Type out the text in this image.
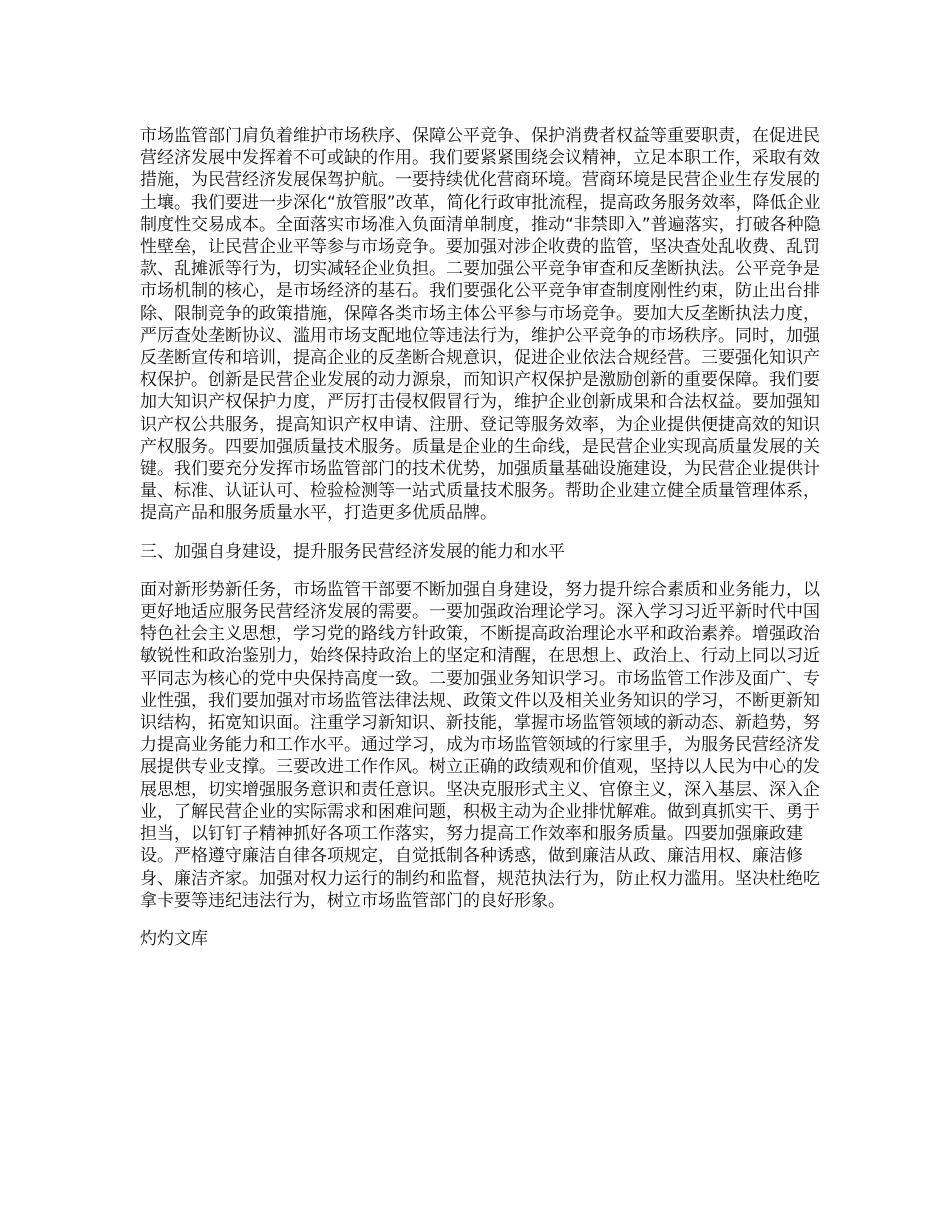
市场监管部门肩负着维护市场秩序、保障公平竞争、保护消费者权益等重要职责，在促进民营经济发展中发挥着不可或缺的作用。我们要紧紧围绕会议精神，立足本职工作，采取有效措施，为民营经济发展保驾护航。一要持续优化营商环境。营商环境是民营企业生存发展的土壤。我们要进一步深化“放管服”改革，简化行政审批流程，提高政务服务效率，降低企业制度性交易成本。全面落实市场准入负面清单制度，推动“非禁即入”普遍落实，打破各种隐性壁垒，让民营企业平等参与市场竞争。要加强对涉企收费的监管，坚决查处乱收费、乱罚款、乱摊派等行为，切实减轻企业负担。二要加强公平竞争审查和反垄断执法。公平竞争是市场机制的核心，是市场经济的基石。我们要强化公平竞争审查制度刚性约束，防止出台排除、限制竞争的政策措施，保障各类市场主体公平参与市场竞争。要加大反垄断执法力度，严厉查处垄断协议、滥用市场支配地位等违法行为，维护公平竞争的市场秩序。同时，加强反垄断宣传和培训，提高企业的反垄断合规意识，促进企业依法合规经营。三要强化知识产权保护。创新是民营企业发展的动力源泉，而知识产权保护是激励创新的重要保障。我们要加大知识产权保护力度，严厉打击侵权假冒行为，维护企业创新成果和合法权益。要加强知识产权公共服务，提高知识产权申请、注册、登记等服务效率，为企业提供便捷高效的知识产权服务。四要加强质量技术服务。质量是企业的生命线，是民营企业实现高质量发展的关键。我们要充分发挥市场监管部门的技术优势，加强质量基础设施建设，为民营企业提供计量、标准、认证认可、检验检测等一站式质量技术服务。帮助企业建立健全质量管理体系，提高产品和服务质量水平，打造更多优质品牌。

三、加强自身建设，提升服务民营经济发展的能力和水平

面对新形势新任务，市场监管干部要不断加强自身建设，努力提升综合素质和业务能力，以更好地适应服务民营经济发展的需要。一要加强政治理论学习。深入学习习近平新时代中国特色社会主义思想，学习党的路线方针政策，不断提高政治理论水平和政治素养。增强政治敏锐性和政治鉴别力，始终保持政治上的坚定和清醒，在思想上、政治上、行动上同以习近平同志为核心的党中央保持高度一致。二要加强业务知识学习。市场监管工作涉及面广、专业性强，我们要加强对市场监管法律法规、政策文件以及相关业务知识的学习，不断更新知识结构，拓宽知识面。注重学习新知识、新技能，掌握市场监管领域的新动态、新趋势，努力提高业务能力和工作水平。通过学习，成为市场监管领域的行家里手，为服务民营经济发展提供专业支撑。三要改进工作作风。树立正确的政绩观和价值观，坚持以人民为中心的发展思想，切实增强服务意识和责任意识。坚决克服形式主义、官僚主义，深入基层、深入企业，了解民营企业的实际需求和困难问题，积极主动为企业排忧解难。做到真抓实干、勇于担当，以钉钉子精神抓好各项工作落实，努力提高工作效率和服务质量。四要加强廉政建设。严格遵守廉洁自律各项规定，自觉抵制各种诱惑，做到廉洁从政、廉洁用权、廉洁修身、廉洁齐家。加强对权力运行的制约和监督，规范执法行为，防止权力滥用。坚决杜绝吃拿卡要等违纪违法行为，树立市场监管部门的良好形象。

灼灼文库
